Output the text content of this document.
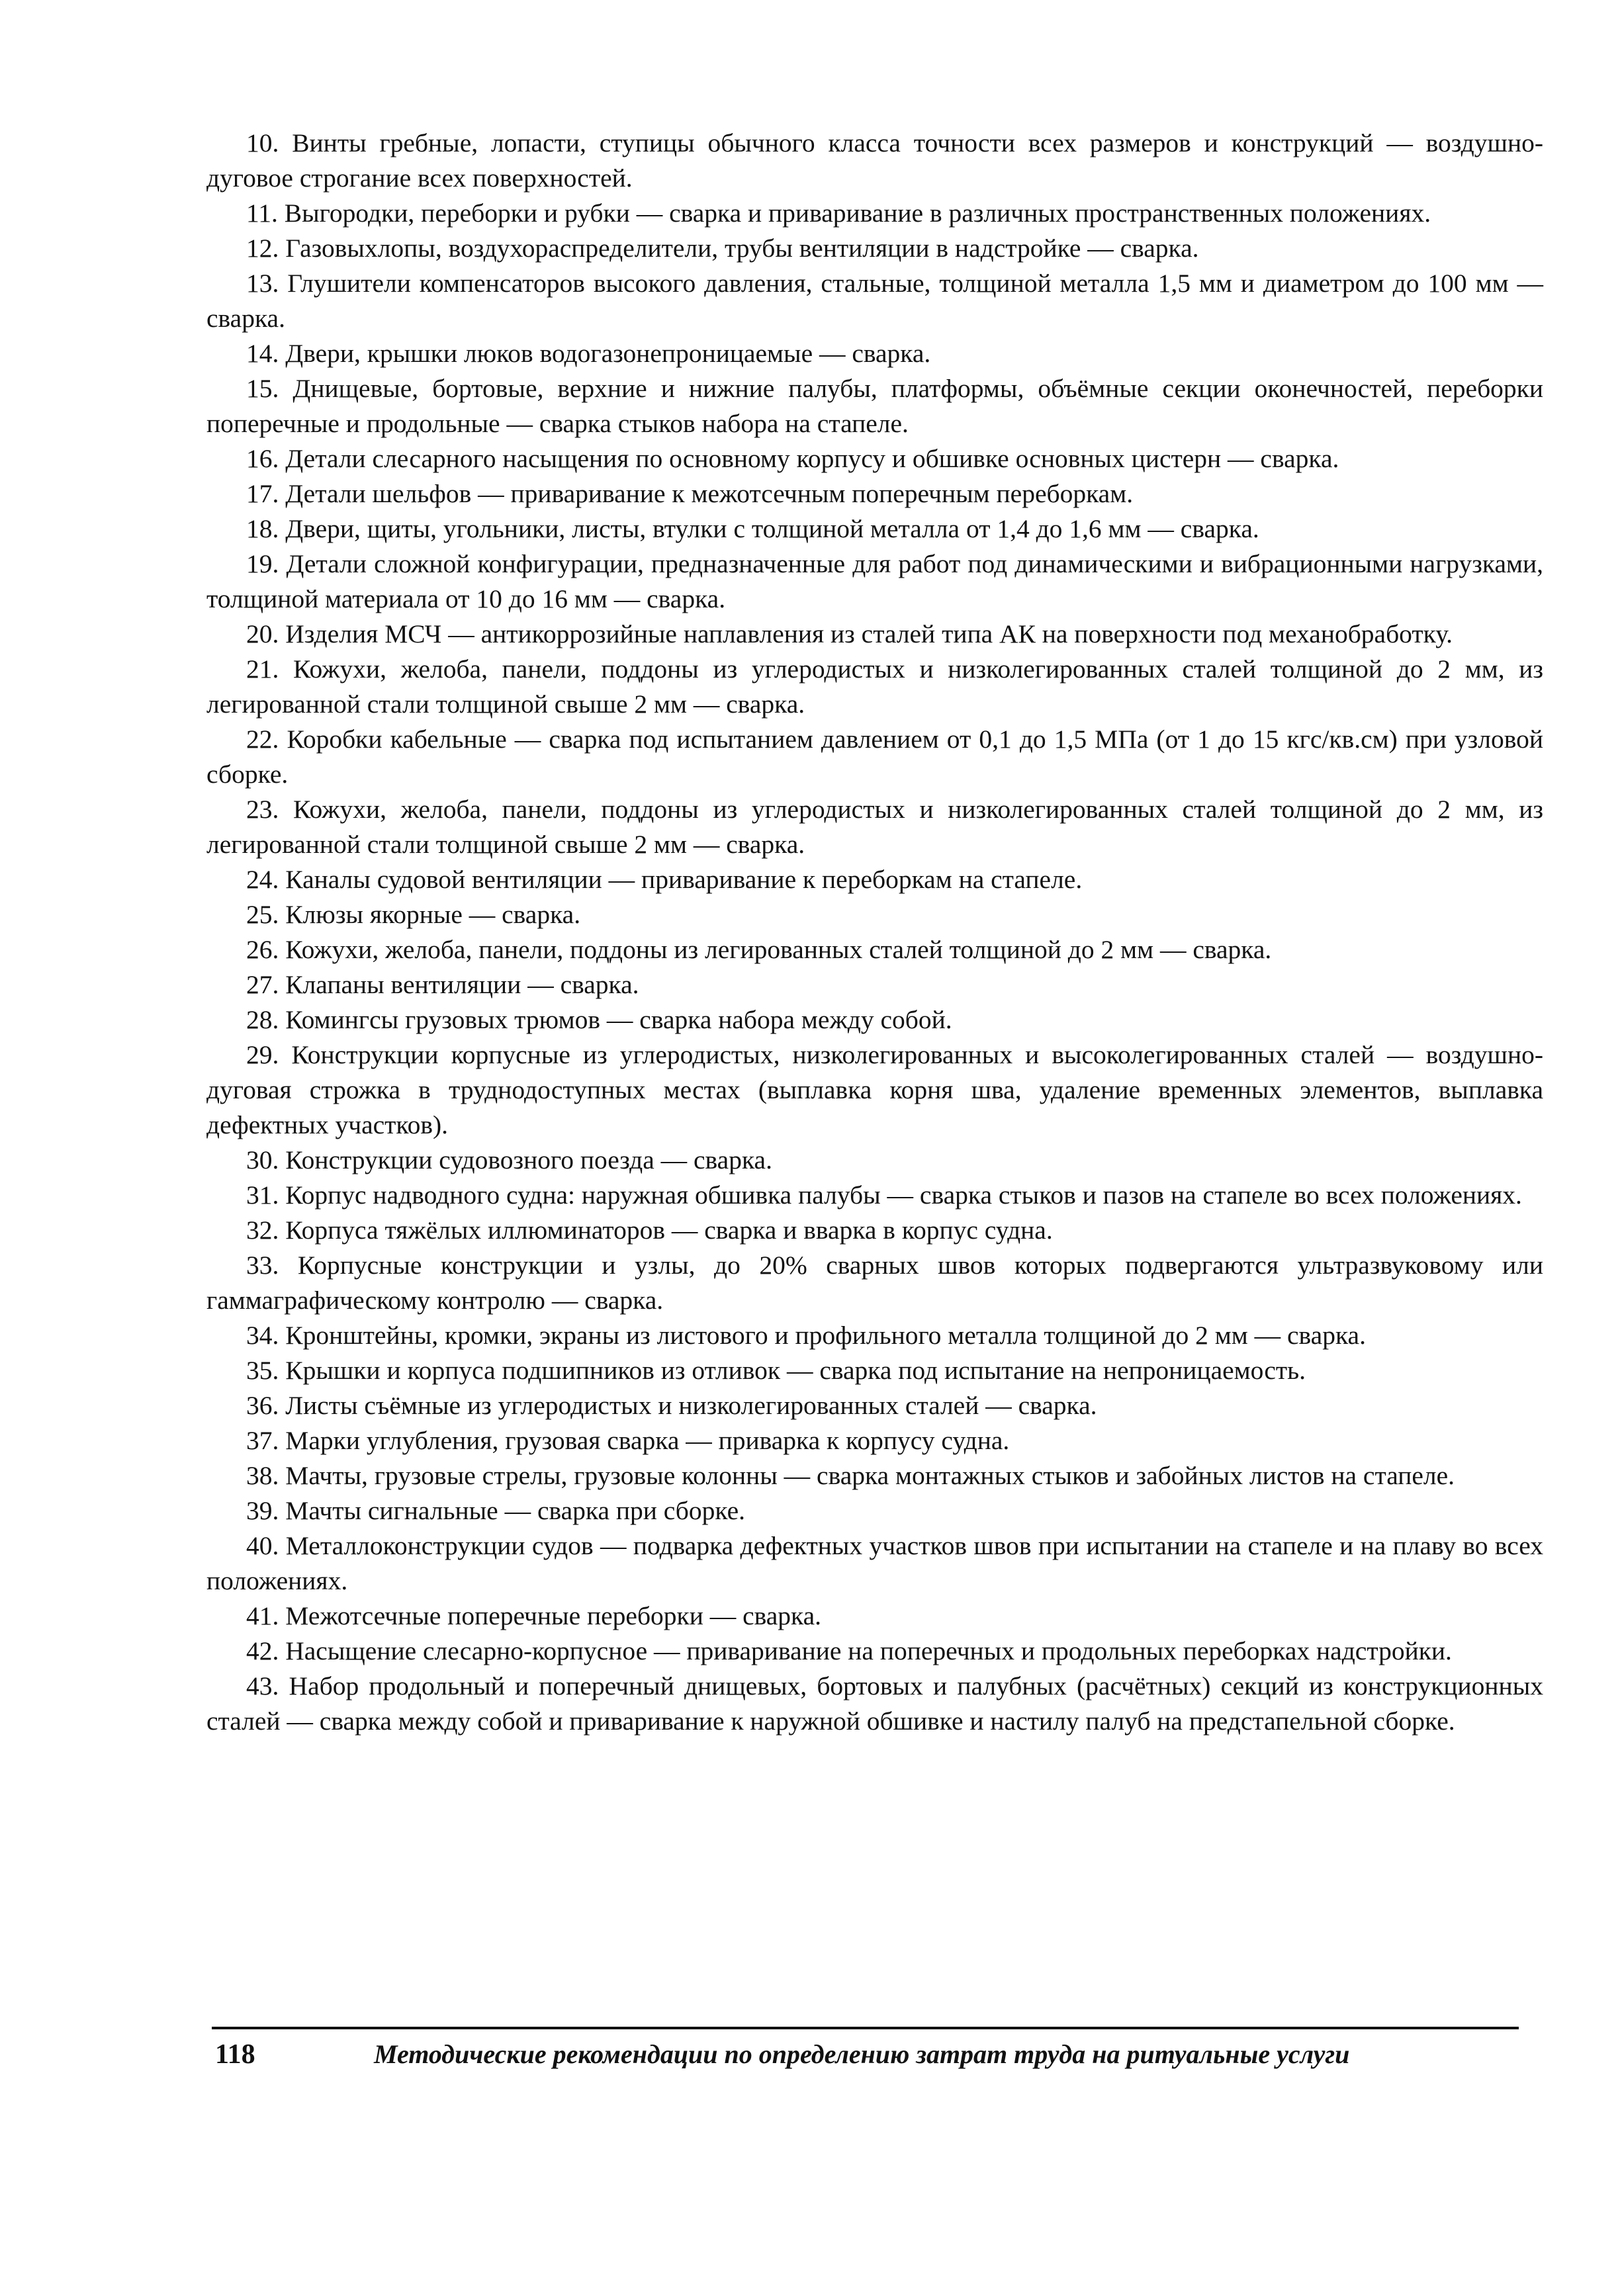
10. Винты гребные, лопасти, ступицы обычного класса точности всех размеров и конструкций — воздушно-дуговое строгание всех поверхностей.

11. Выгородки, переборки и рубки — сварка и приваривание в различных пространственных положениях.

12. Газовыхлопы, воздухораспределители, трубы вентиляции в надстройке — сварка.

13. Глушители компенсаторов высокого давления, стальные, толщиной металла 1,5 мм и диаметром до 100 мм — сварка.

14. Двери, крышки люков водогазонепроницаемые — сварка.

15. Днищевые, бортовые, верхние и нижние палубы, платформы, объёмные секции оконечностей, переборки поперечные и продольные — сварка стыков набора на стапеле.

16. Детали слесарного насыщения по основному корпусу и обшивке основных цистерн — сварка.

17. Детали шельфов — приваривание к межотсечным поперечным переборкам.

18. Двери, щиты, угольники, листы, втулки с толщиной металла от 1,4 до 1,6 мм — сварка.

19. Детали сложной конфигурации, предназначенные для работ под динамическими и вибрационными нагрузками, толщиной материала от 10 до 16 мм — сварка.

20. Изделия МСЧ — антикоррозийные наплавления из сталей типа АК на поверхности под механобработку.

21. Кожухи, желоба, панели, поддоны из углеродистых и низколегированных сталей толщиной до 2 мм, из легированной стали толщиной свыше 2 мм — сварка.

22. Коробки кабельные — сварка под испытанием давлением от 0,1 до 1,5 МПа (от 1 до 15 кгс/кв.см) при узловой сборке.

23. Кожухи, желоба, панели, поддоны из углеродистых и низколегированных сталей толщиной до 2 мм, из легированной стали толщиной свыше 2 мм — сварка.

24. Каналы судовой вентиляции — приваривание к переборкам на стапеле.

25. Клюзы якорные — сварка.

26. Кожухи, желоба, панели, поддоны из легированных сталей толщиной до 2 мм — сварка.

27. Клапаны вентиляции — сварка.

28. Комингсы грузовых трюмов — сварка набора между собой.

29. Конструкции корпусные из углеродистых, низколегированных и высоколегированных сталей — воздушно-дуговая строжка в труднодоступных местах (выплавка корня шва, удаление временных элементов, выплавка дефектных участков).

30. Конструкции судовозного поезда — сварка.

31. Корпус надводного судна: наружная обшивка палубы — сварка стыков и пазов на стапеле во всех положениях.

32. Корпуса тяжёлых иллюминаторов — сварка и вварка в корпус судна.

33. Корпусные конструкции и узлы, до 20% сварных швов которых подвергаются ультразвуковому или гаммаграфическому контролю — сварка.

34. Кронштейны, кромки, экраны из листового и профильного металла толщиной до 2 мм — сварка.

35. Крышки и корпуса подшипников из отливок — сварка под испытание на непроницаемость.

36. Листы съёмные из углеродистых и низколегированных сталей — сварка.

37. Марки углубления, грузовая сварка — приварка к корпусу судна.

38. Мачты, грузовые стрелы, грузовые колонны — сварка монтажных стыков и забойных листов на стапеле.

39. Мачты сигнальные — сварка при сборке.

40. Металлоконструкции судов — подварка дефектных участков швов при испытании на стапеле и на плаву во всех положениях.

41. Межотсечные поперечные переборки — сварка.

42. Насыщение слесарно-корпусное — приваривание на поперечных и продольных переборках надстройки.

43. Набор продольный и поперечный днищевых, бортовых и палубных (расчётных) секций из конструкционных сталей — сварка между собой и приваривание к наружной обшивке и настилу палуб на предстапельной сборке.

118	Методические рекомендации по определению затрат труда на ритуальные услуги
